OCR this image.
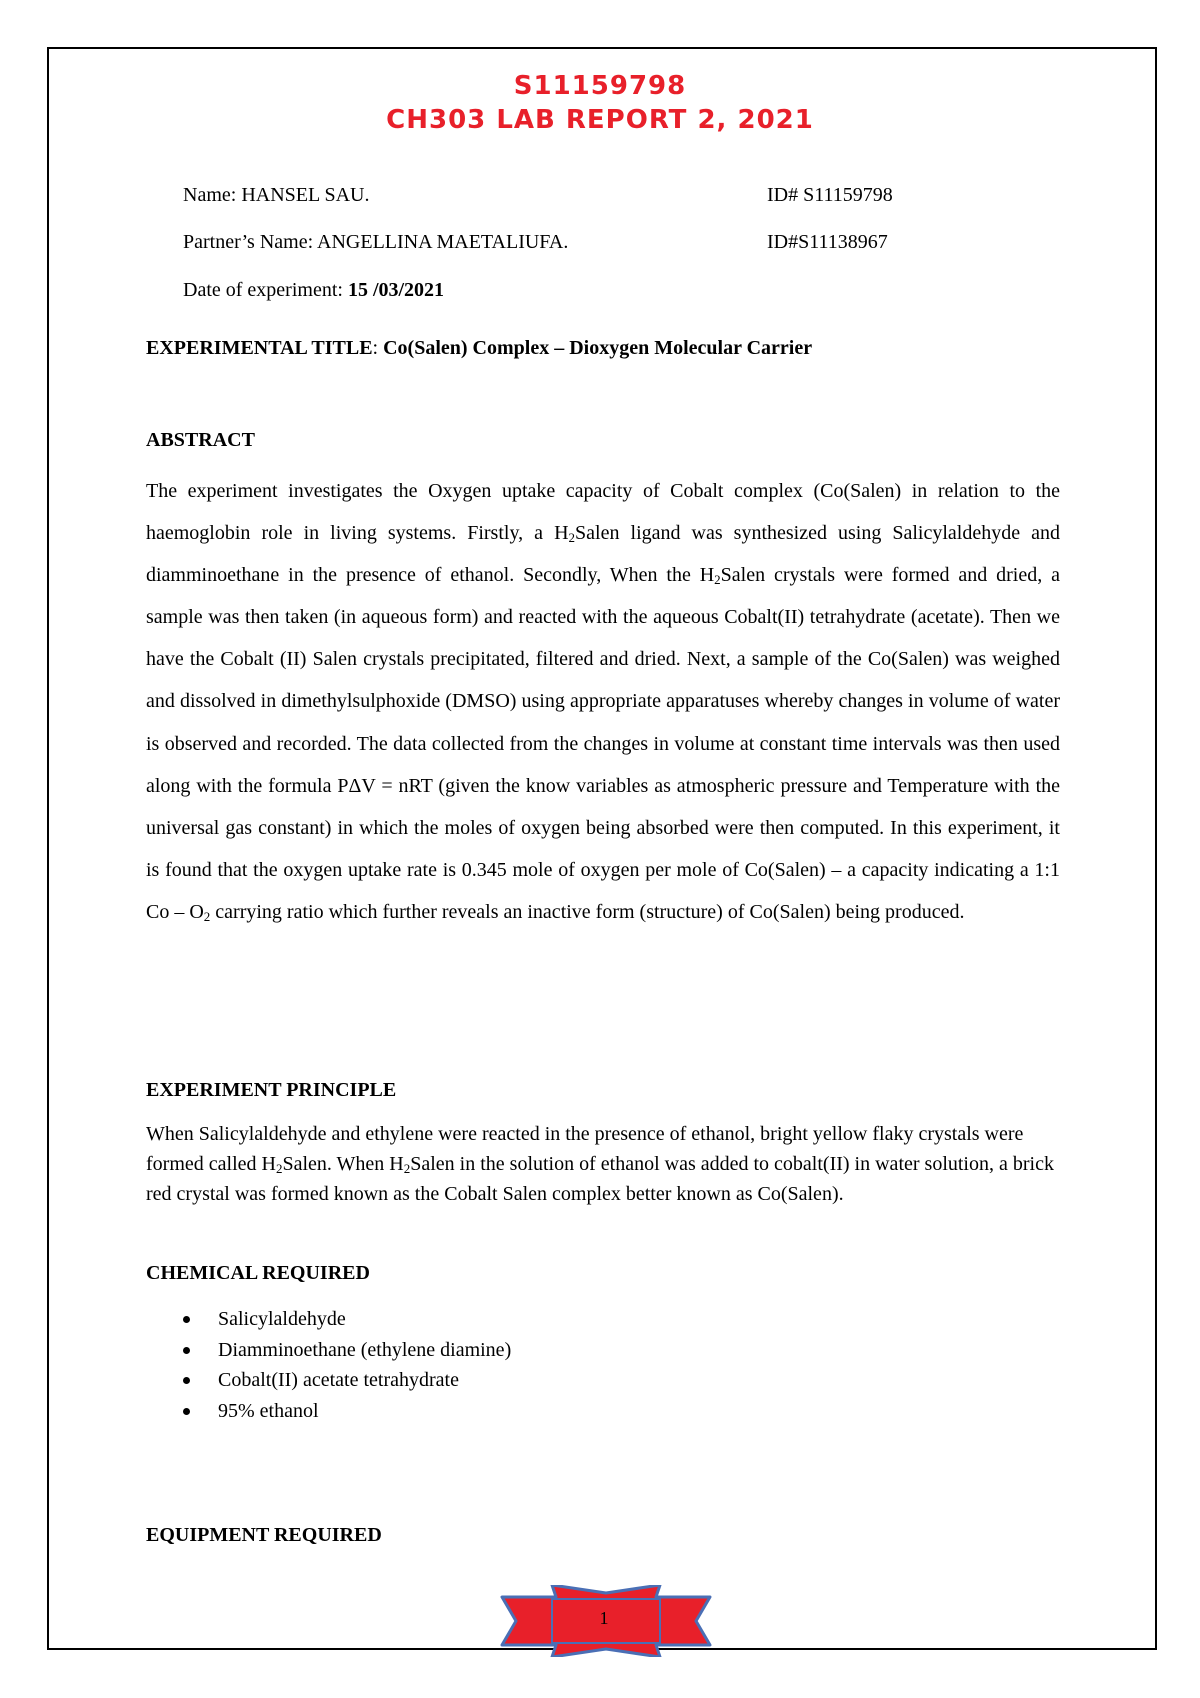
S11159798
CH303 LAB REPORT 2, 2021
Name: HANSEL SAU.	ID# S11159798
Partner’s Name: ANGELLINA MAETALIUFA.	ID#S11138967
Date of experiment: 15 /03/2021
EXPERIMENTAL TITLE: Co(Salen) Complex – Dioxygen Molecular Carrier
ABSTRACT

The experiment investigates the Oxygen uptake capacity of Cobalt complex (Co(Salen) in relation to the haemoglobin role in living systems. Firstly, a $H_2Salen$ ligand was synthesized using Salicylaldehyde and diamminoethane in the presence of ethanol. Secondly, When the $H_2Salen$ crystals were formed and dried, a sample was then taken (in aqueous form) and reacted with the aqueous Cobalt(II) tetrahydrate (acetate). Then we have the Cobalt (II) Salen crystals precipitated, filtered and dried. Next, a sample of the Co(Salen) was weighed and dissolved in dimethylsulphoxide (DMSO) using appropriate apparatuses whereby changes in volume of water is observed and recorded. The data collected from the changes in volume at constant time intervals was then used along with the formula PΔV = nRT (given the know variables as atmospheric pressure and Temperature with the universal gas constant) in which the moles of oxygen being absorbed were then computed. In this experiment, it is found that the oxygen uptake rate is 0.345 mole of oxygen per mole of Co(Salen) – a capacity indicating a 1:1 Co – $O_2$ carrying ratio which further reveals an inactive form (structure) of Co(Salen) being produced.

EXPERIMENT PRINCIPLE

When Salicylaldehyde and ethylene were reacted in the presence of ethanol, bright yellow flaky crystals were formed called $H_2Salen$. When $H_2Salen$ in the solution of ethanol was added to cobalt(II) in water solution, a brick red crystal was formed known as the Cobalt Salen complex better known as Co(Salen).

CHEMICAL REQUIRED
Salicylaldehyde
Diamminoethane (ethylene diamine)
Cobalt(II) acetate tetrahydrate
95% ethanol
EQUIPMENT REQUIRED
1
